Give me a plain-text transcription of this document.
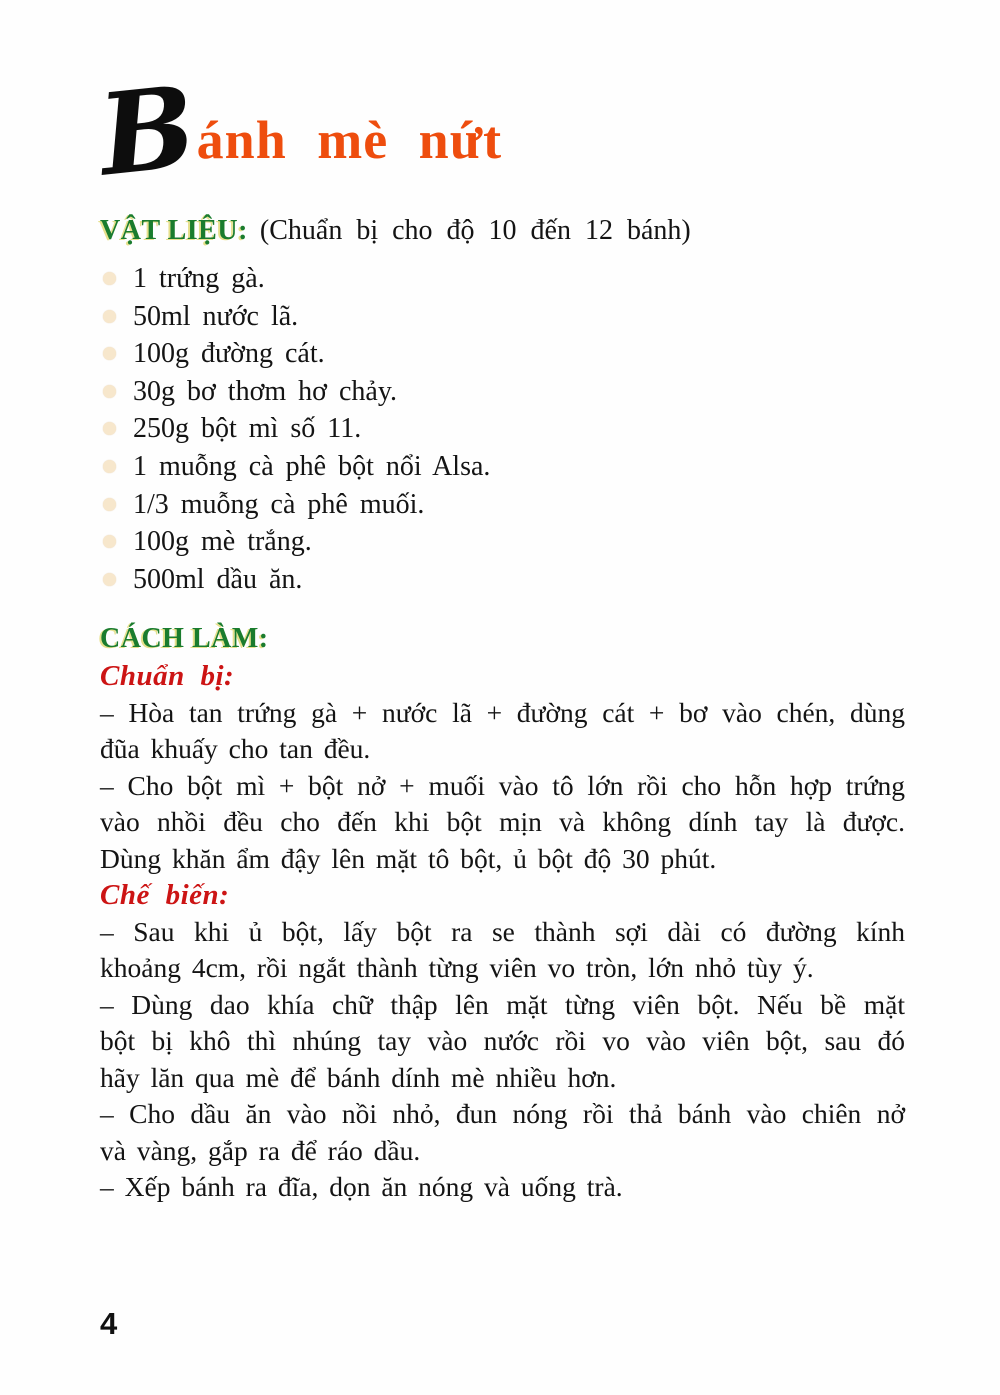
Bánh mè nứt
VẬT LIỆU: (Chuẩn bị cho độ 10 đến 12 bánh)
1 trứng gà.
50ml nước lã.
100g đường cát.
30g bơ thơm hơ chảy.
250g bột mì số 11.
1 muỗng cà phê bột nổi Alsa.
1/3 muỗng cà phê muối.
100g mè trắng.
500ml dầu ăn.
CÁCH LÀM:
Chuẩn bị:
– Hòa tan trứng gà + nước lã + đường cát + bơ vào chén, dùng
đũa khuấy cho tan đều.
– Cho bột mì + bột nở + muối vào tô lớn rồi cho hỗn hợp trứng
vào nhồi đều cho đến khi bột mịn và không dính tay là được.
Dùng khăn ẩm đậy lên mặt tô bột, ủ bột độ 30 phút.
Chế biến:
– Sau khi ủ bột, lấy bột ra se thành sợi dài có đường kính
khoảng 4cm, rồi ngắt thành từng viên vo tròn, lớn nhỏ tùy ý.
– Dùng dao khía chữ thập lên mặt từng viên bột. Nếu bề mặt
bột bị khô thì nhúng tay vào nước rồi vo vào viên bột, sau đó
hãy lăn qua mè để bánh dính mè nhiều hơn.
– Cho dầu ăn vào nồi nhỏ, đun nóng rồi thả bánh vào chiên nở
và vàng, gắp ra để ráo dầu.
– Xếp bánh ra đĩa, dọn ăn nóng và uống trà.
4
